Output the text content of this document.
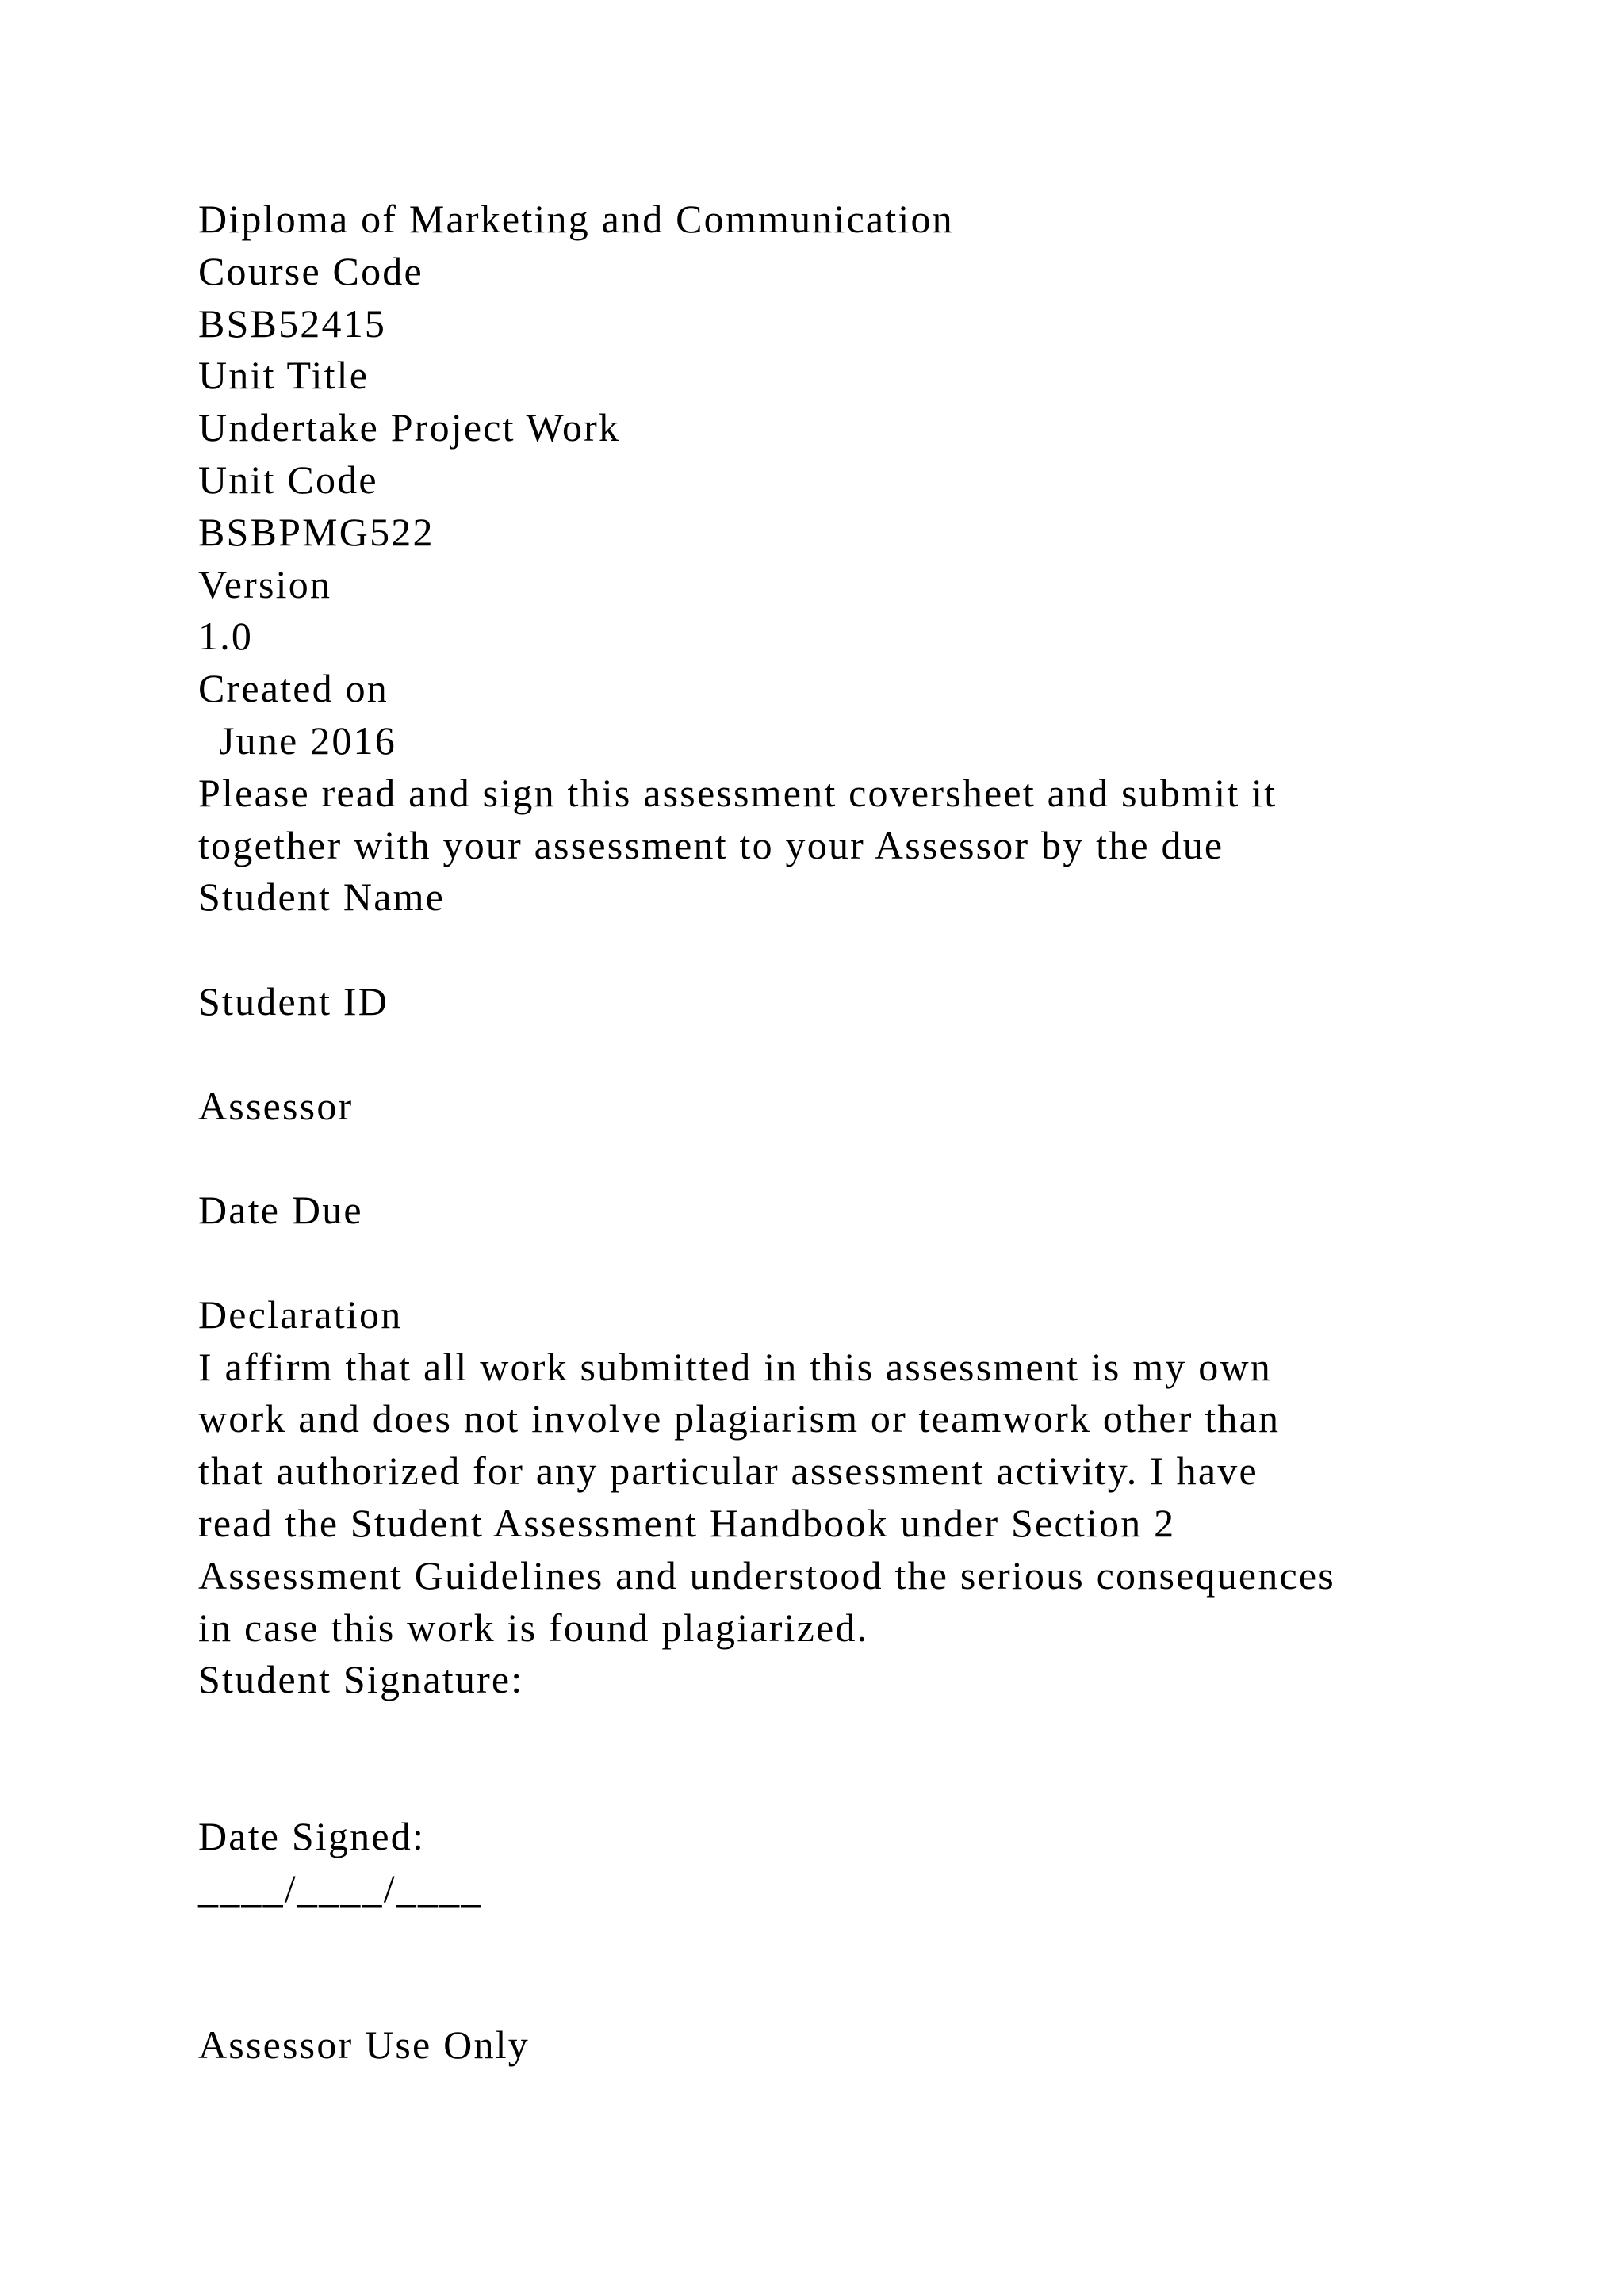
Diploma of Marketing and Communication
Course Code
BSB52415
Unit Title
Undertake Project Work
Unit Code
BSBPMG522
Version
1.0
Created on
June 2016
Please read and sign this assessment coversheet and submit it
together with your assessment to your Assessor by the due
Student Name
Student ID
Assessor
Date Due
Declaration
I affirm that all work submitted in this assessment is my own
work and does not involve plagiarism or teamwork other than
that authorized for any particular assessment activity. I have
read the Student Assessment Handbook under Section 2
Assessment Guidelines and understood the serious consequences
in case this work is found plagiarized.
Student Signature:
Date Signed:
____/____/____
Assessor Use Only
